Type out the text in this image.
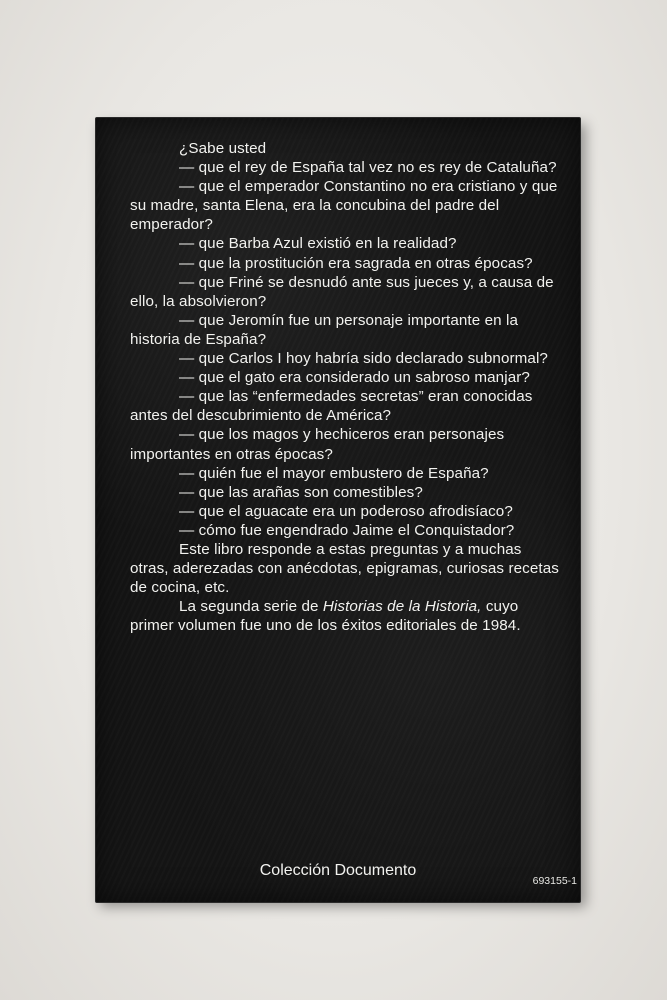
¿Sabe usted

— que el rey de España tal vez no es rey de Cataluña?

— que el emperador Constantino no era cristiano y que su madre, santa Elena, era la concubina del padre del emperador?

— que Barba Azul existió en la realidad?

— que la prostitución era sagrada en otras épocas?

— que Friné se desnudó ante sus jueces y, a causa de ello, la absolvieron?

— que Jeromín fue un personaje importante en la historia de España?

— que Carlos I hoy habría sido declarado subnormal?

— que el gato era considerado un sabroso manjar?

— que las “enfermedades secretas” eran conocidas antes del descubrimiento de América?

— que los magos y hechiceros eran personajes importantes en otras épocas?

— quién fue el mayor embustero de España?

— que las arañas son comestibles?

— que el aguacate era un poderoso afrodisíaco?

— cómo fue engendrado Jaime el Conquistador?

Este libro responde a estas preguntas y a muchas otras, aderezadas con anécdotas, epigramas, curiosas recetas de cocina, etc.

La segunda serie de Historias de la Historia, cuyo primer volumen fue uno de los éxitos editoriales de 1984.

Colección Documento
693155-1
